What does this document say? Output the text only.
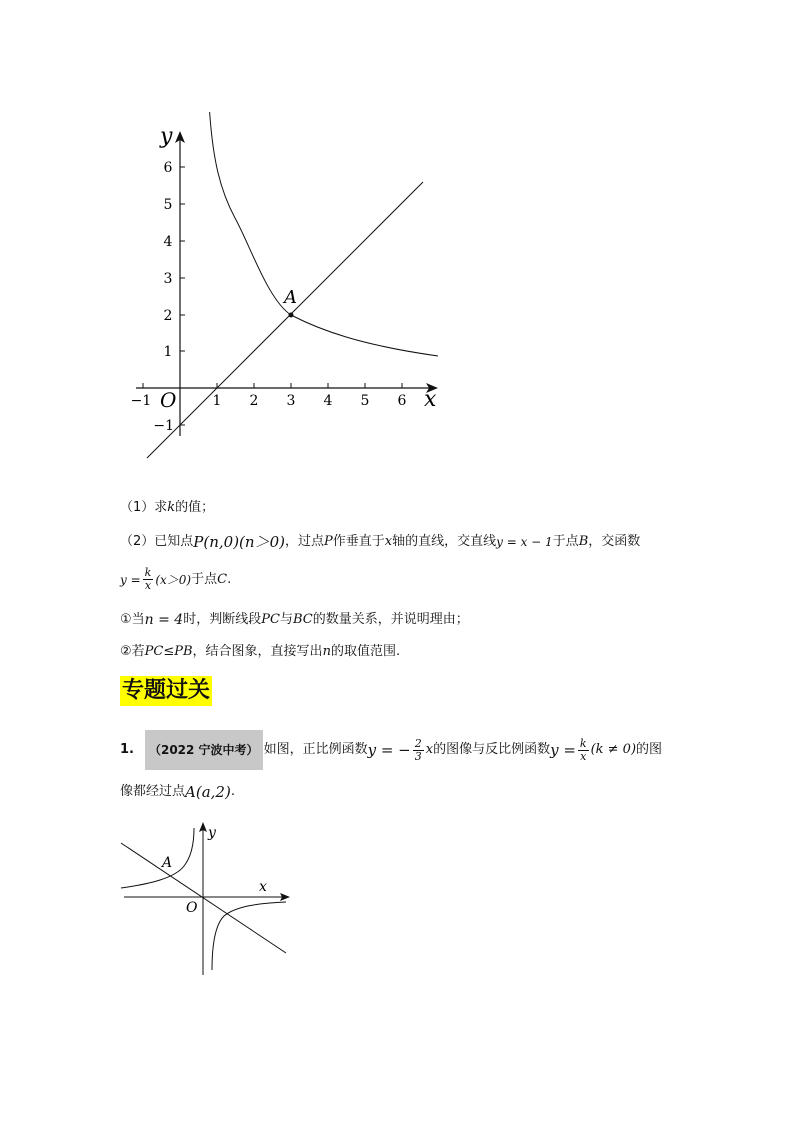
−1	1 2 3 4 5 6
6
5
4
3
2
1
−1
y
x
O
A
（1）求 k 的值；
（2）已知点 P(n,0)(n＞0) ，过点 P 作垂直于 x 轴的直线，交直线 y = x − 1 于点 B ，交函数
$y = \frac{k}{x} (x>0)$ 于点 C .
①当 n = 4 时，判断线段 PC 与 BC 的数量关系，并说明理由；
②若 PC≤PB ，结合图象，直接写出 n 的取值范围.
专题过关
1.	（2022 宁波中考） 如图，正比例函数 y = − $\frac{2}{3}$ x 的图像与反比例函数 $y = \frac{k}{x} (k \ne 0)$ 的图
像都经过点 A(a,2) .
y
x
O
A
